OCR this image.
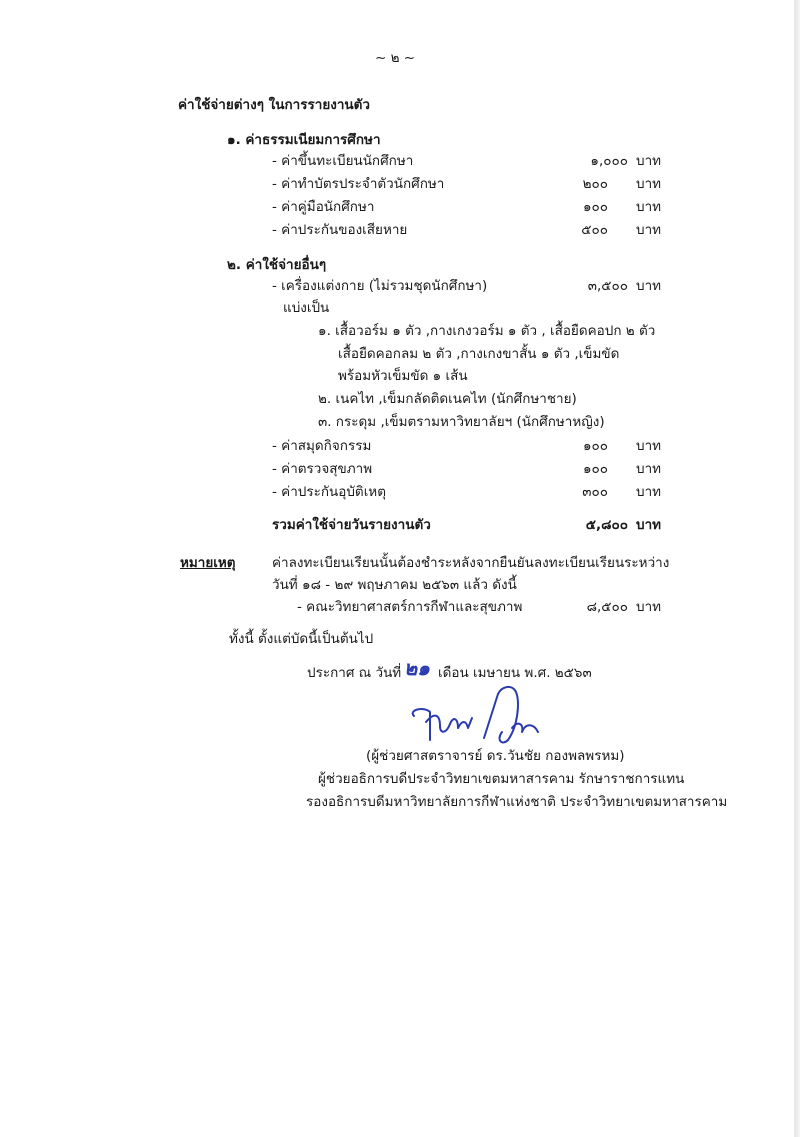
~ ๒ ~
ค่าใช้จ่ายต่างๆ ในการรายงานตัว
๑. ค่าธรรมเนียมการศึกษา
- ค่าขึ้นทะเบียนนักศึกษา	๑,๐๐๐ บาท
- ค่าทำบัตรประจำตัวนักศึกษา	๒๐๐ บาท
- ค่าคู่มือนักศึกษา	๑๐๐ บาท
- ค่าประกันของเสียหาย	๕๐๐ บาท
๒. ค่าใช้จ่ายอื่นๆ
- เครื่องแต่งกาย (ไม่รวมชุดนักศึกษา)	๓,๕๐๐ บาท
แบ่งเป็น
๑. เสื้อวอร์ม ๑ ตัว ,กางเกงวอร์ม ๑ ตัว , เสื้อยืดคอปก ๒ ตัว
เสื้อยืดคอกลม ๒ ตัว ,กางเกงขาสั้น ๑ ตัว ,เข็มขัด
พร้อมหัวเข็มขัด ๑ เส้น
๒. เนคไท ,เข็มกลัดติดเนคไท (นักศึกษาชาย)
๓. กระดุม ,เข็มตรามหาวิทยาลัยฯ (นักศึกษาหญิง)
- ค่าสมุดกิจกรรม	๑๐๐ บาท
- ค่าตรวจสุขภาพ	๑๐๐ บาท
- ค่าประกันอุบัติเหตุ	๓๐๐ บาท
รวมค่าใช้จ่ายวันรายงานตัว	๕,๘๐๐ บาท
หมายเหตุ	ค่าลงทะเบียนเรียนนั้นต้องชำระหลังจากยืนยันลงทะเบียนเรียนระหว่าง
วันที่ ๑๘ - ๒๙ พฤษภาคม ๒๕๖๓ แล้ว ดังนี้
- คณะวิทยาศาสตร์การกีฬาและสุขภาพ	๘,๕๐๐ บาท
ทั้งนี้ ตั้งแต่บัดนี้เป็นต้นไป
ประกาศ ณ วันที่ ๒๑ เดือน เมษายน พ.ศ. ๒๕๖๓
(ผู้ช่วยศาสตราจารย์ ดร.วันชัย กองพลพรหม)
ผู้ช่วยอธิการบดีประจำวิทยาเขตมหาสารคาม รักษาราชการแทน
รองอธิการบดีมหาวิทยาลัยการกีฬาแห่งชาติ ประจำวิทยาเขตมหาสารคาม
